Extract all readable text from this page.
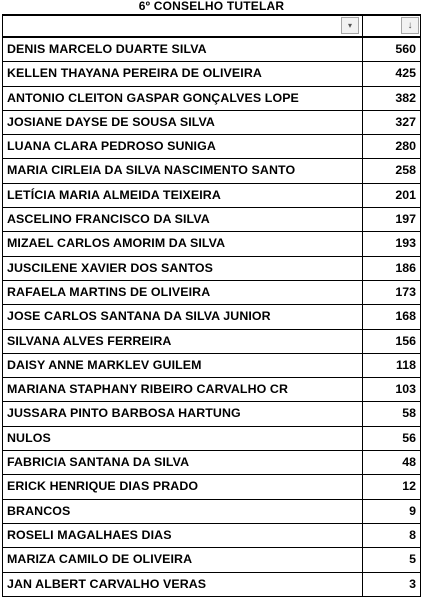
6º CONSELHO TUTELAR
▾	↓
DENIS MARCELO DUARTE SILVA	560
KELLEN THAYANA PEREIRA DE OLIVEIRA	425
ANTONIO CLEITON GASPAR GONÇALVES LOPE	382
JOSIANE DAYSE DE SOUSA SILVA	327
LUANA CLARA PEDROSO SUNIGA	280
MARIA CIRLEIA DA SILVA NASCIMENTO SANTO	258
LETÍCIA MARIA ALMEIDA TEIXEIRA	201
ASCELINO FRANCISCO DA SILVA	197
MIZAEL CARLOS AMORIM DA SILVA	193
JUSCILENE XAVIER DOS SANTOS	186
RAFAELA MARTINS DE OLIVEIRA	173
JOSE CARLOS SANTANA DA SILVA JUNIOR	168
SILVANA ALVES FERREIRA	156
DAISY ANNE MARKLEV GUILEM	118
MARIANA STAPHANY RIBEIRO CARVALHO CR	103
JUSSARA PINTO BARBOSA HARTUNG	58
NULOS	56
FABRICIA SANTANA DA SILVA	48
ERICK HENRIQUE DIAS PRADO	12
BRANCOS	9
ROSELI MAGALHAES DIAS	8
MARIZA CAMILO DE OLIVEIRA	5
JAN ALBERT CARVALHO VERAS	3
